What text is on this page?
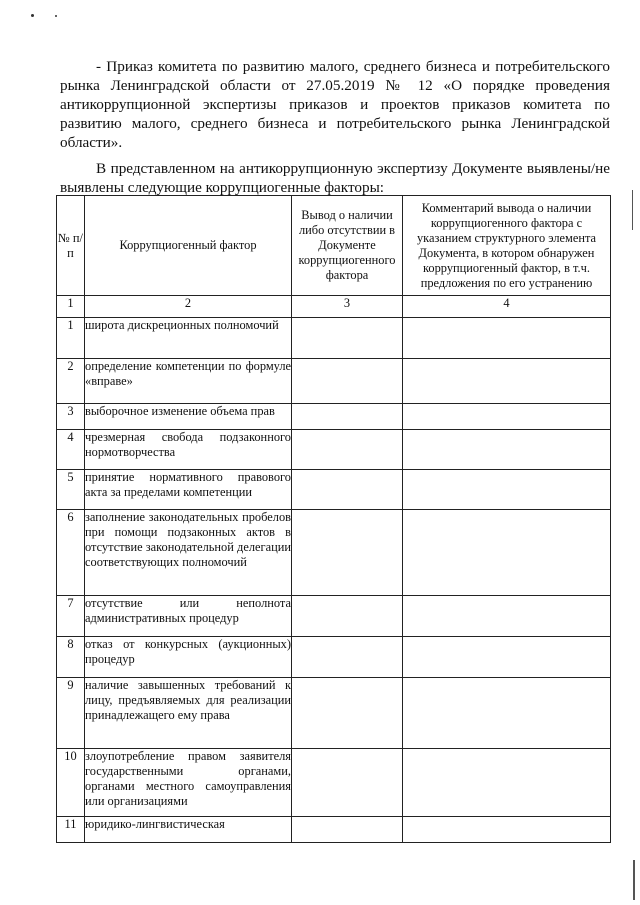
- Приказ комитета по развитию малого, среднего бизнеса и потребительского рынка Ленинградской области от 27.05.2019 № 12 «О порядке проведения антикоррупционной экспертизы приказов и проектов приказов комитета по развитию малого, среднего бизнеса и потребительского рынка Ленинградской области».

В представленном на антикоррупционную экспертизу Документе выявлены/не выявлены следующие коррупциогенные факторы:

№ п/п	Коррупциогенный фактор	Вывод о наличии либо отсутствии в Документе коррупциогенного фактора	Комментарий вывода о наличии коррупциогенного фактора с указанием структурного элемента Документа, в котором обнаружен коррупциогенный фактор, в т.ч. предложения по его устранению
1	2	3	4
1	широта дискреционных полномочий		
2	определение компетенции по формуле «вправе»		
3	выборочное изменение объема прав		
4	чрезмерная свобода подзаконного нормотворчества		
5	принятие нормативного правового акта за пределами компетенции		
6	заполнение законодательных пробелов при помощи подзаконных актов в отсутствие законодательной делегации соответствующих полномочий		
7	отсутствие или неполнота административных процедур		
8	отказ от конкурсных (аукционных) процедур		
9	наличие завышенных требований к лицу, предъявляемых для реализации принадлежащего ему права		
10	злоупотребление правом заявителя государственными органами, органами местного самоуправления или организациями		
11	юридико-лингвистическая		
